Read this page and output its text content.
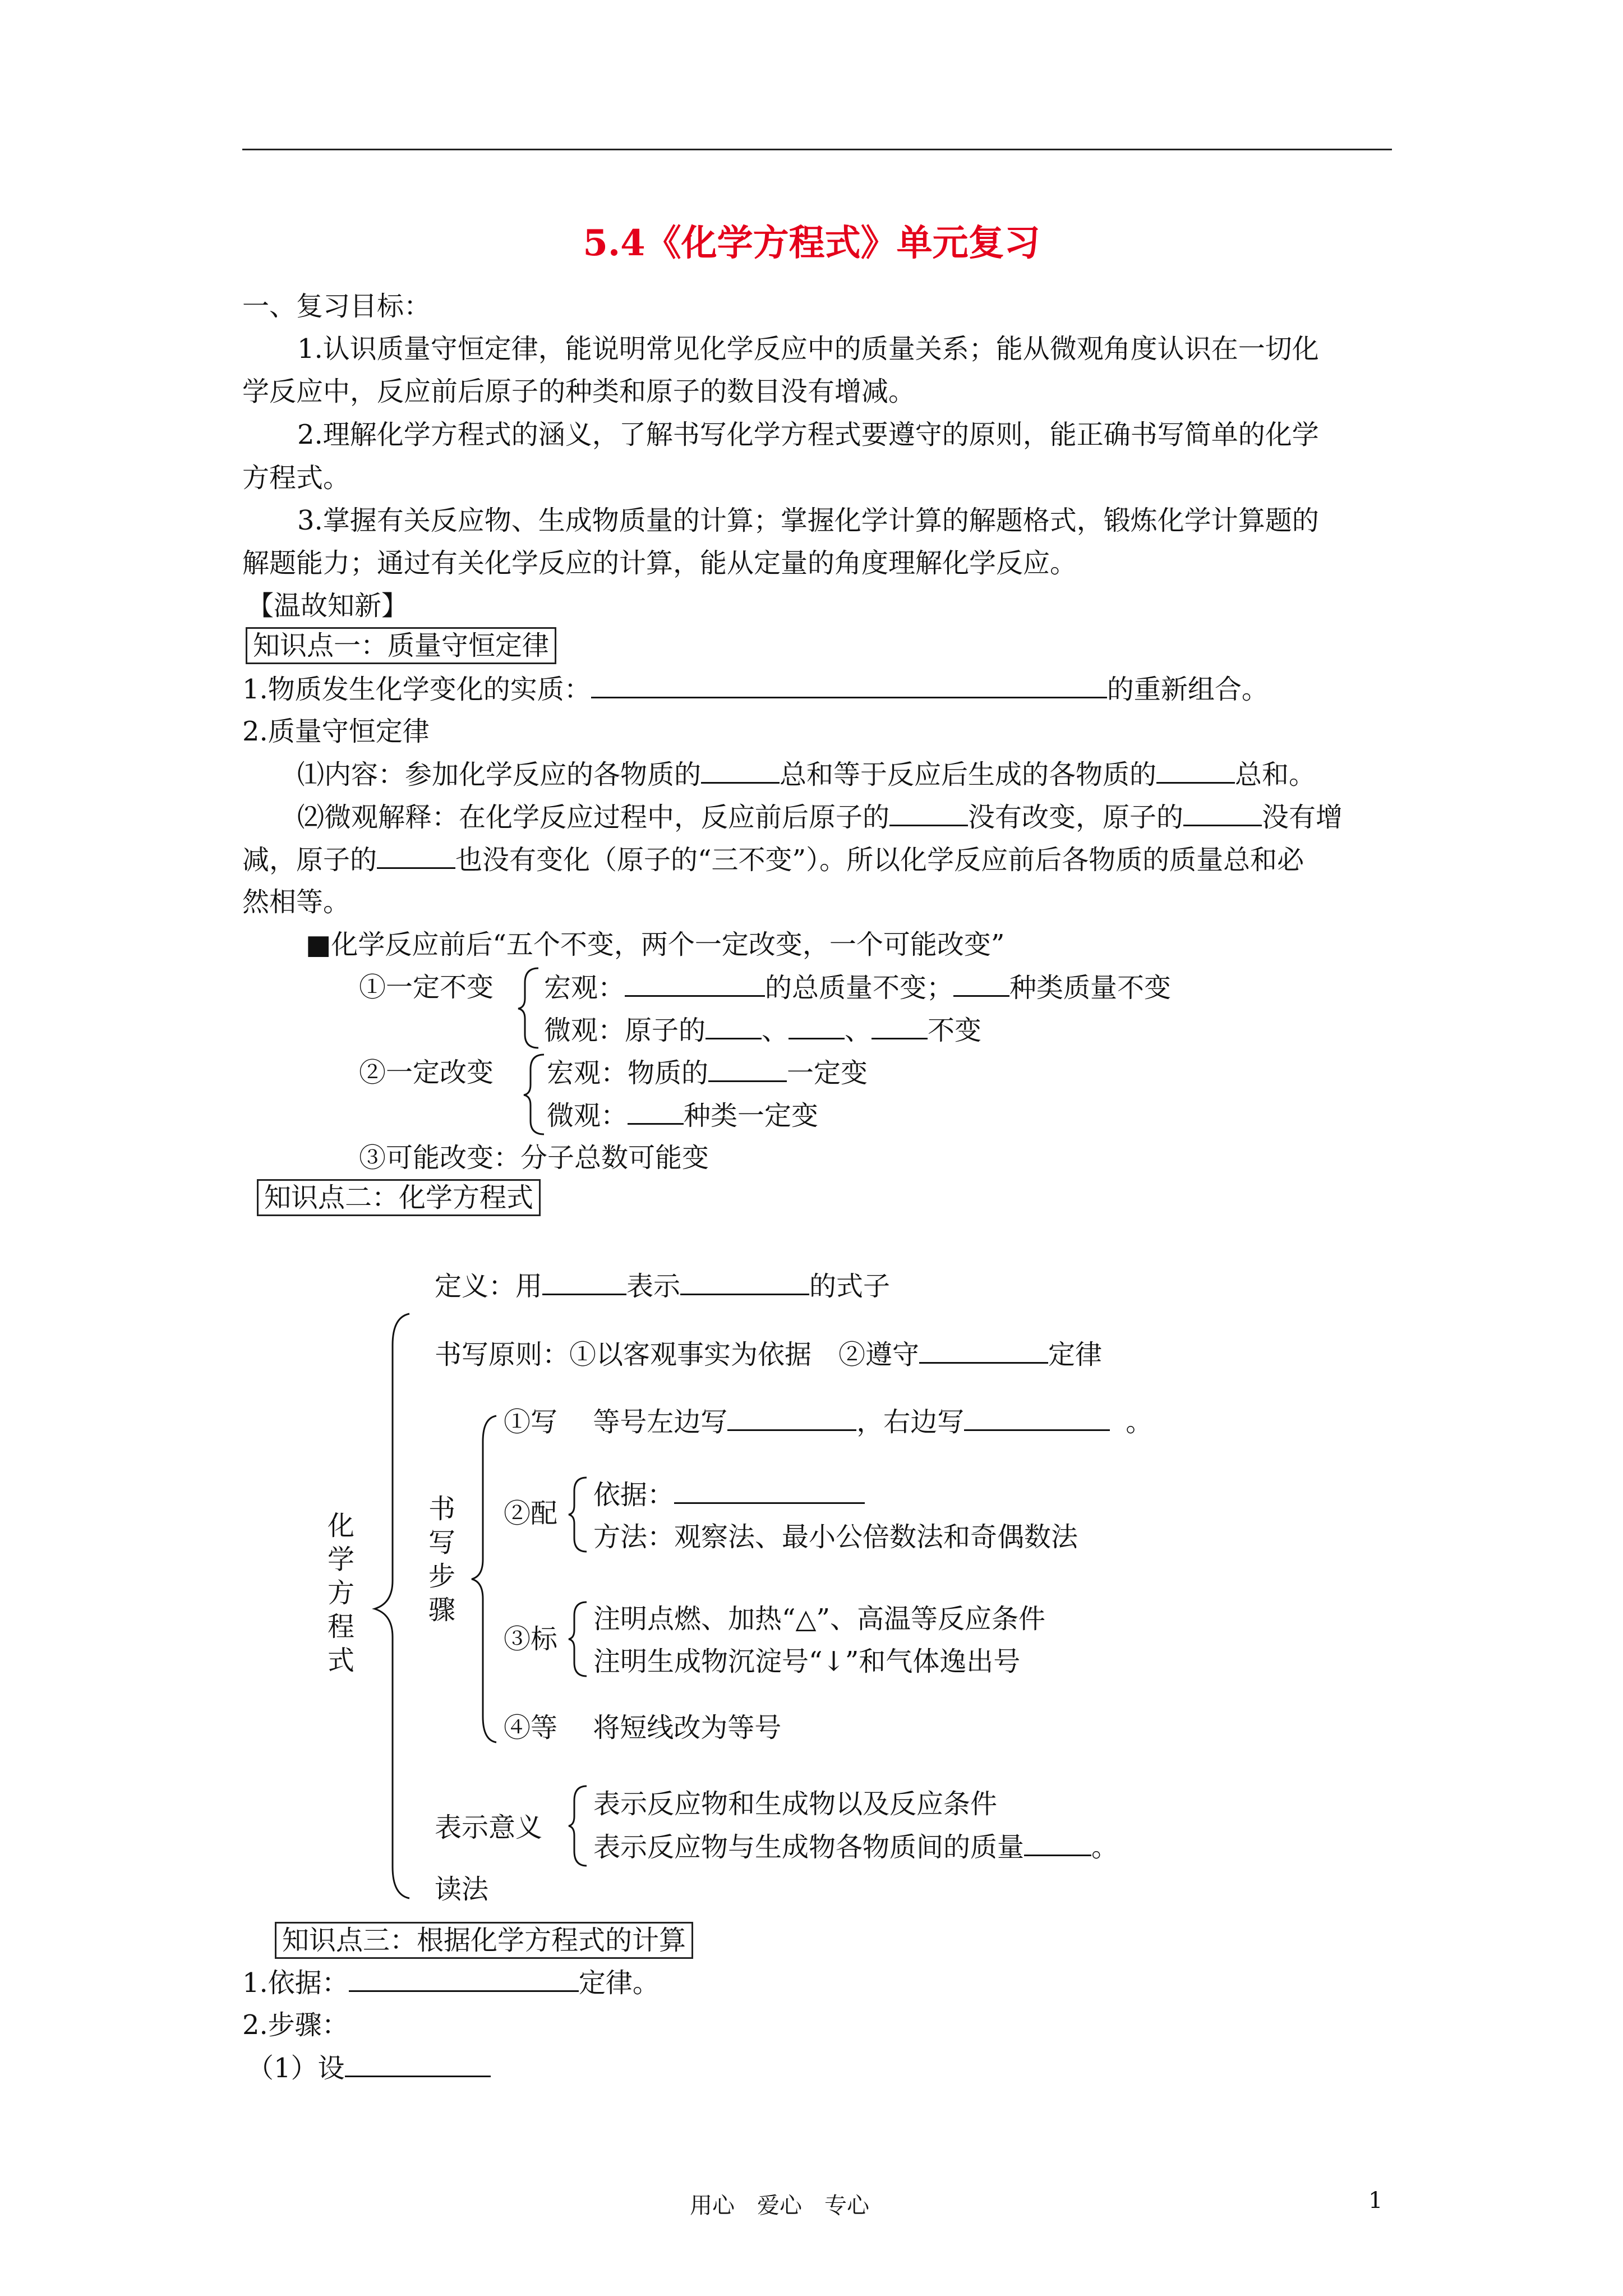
5.4《化学方程式》单元复习
一、复习目标：
1.认识质量守恒定律，能说明常见化学反应中的质量关系；能从微观角度认识在一切化
学反应中，反应前后原子的种类和原子的数目没有增减。
2.理解化学方程式的涵义，了解书写化学方程式要遵守的原则，能正确书写简单的化学
方程式。
3.掌握有关反应物、生成物质量的计算；掌握化学计算的解题格式，锻炼化学计算题的
解题能力；通过有关化学反应的计算，能从定量的角度理解化学反应。
【温故知新】
知识点一：质量守恒定律
1.物质发生化学变化的实质：	的重新组合。
2.质量守恒定律
⑴内容：参加化学反应的各物质的	总和等于反应后生成的各物质的	总和。
⑵微观解释：在化学反应过程中，反应前后原子的	没有改变，原子的	没有增
减，原子的	也没有变化（原子的“三不变”）。所以化学反应前后各物质的质量总和必
然相等。
■化学反应前后“五个不变，两个一定改变，一个可能改变”
①一定不变 宏观：	的总质量不变； 种类质量不变
微观：原子的 、 、 不变
②一定改变 宏观：物质的	一定变
微观： 种类一定变
③可能改变：分子总数可能变
知识点二：化学方程式
化
学
方
程
式
定义：用	表示	的式子
书写原则：①以客观事实为依据　②遵守	定律
书
写
步
骤
①写　 等号左边写	，右边写	。
②配
依据：
方法：观察法、最小公倍数法和奇偶数法
③标
注明点燃、加热“△”、高温等反应条件
注明生成物沉淀号“↓”和气体逸出号
④等　 将短线改为等号
表示意义
表示反应物和生成物以及反应条件
表示反应物与生成物各物质间的质量	。
读法
知识点三：根据化学方程式的计算
1.依据：	定律。
2.步骤：
（1）设
用心　爱心　专心	1
